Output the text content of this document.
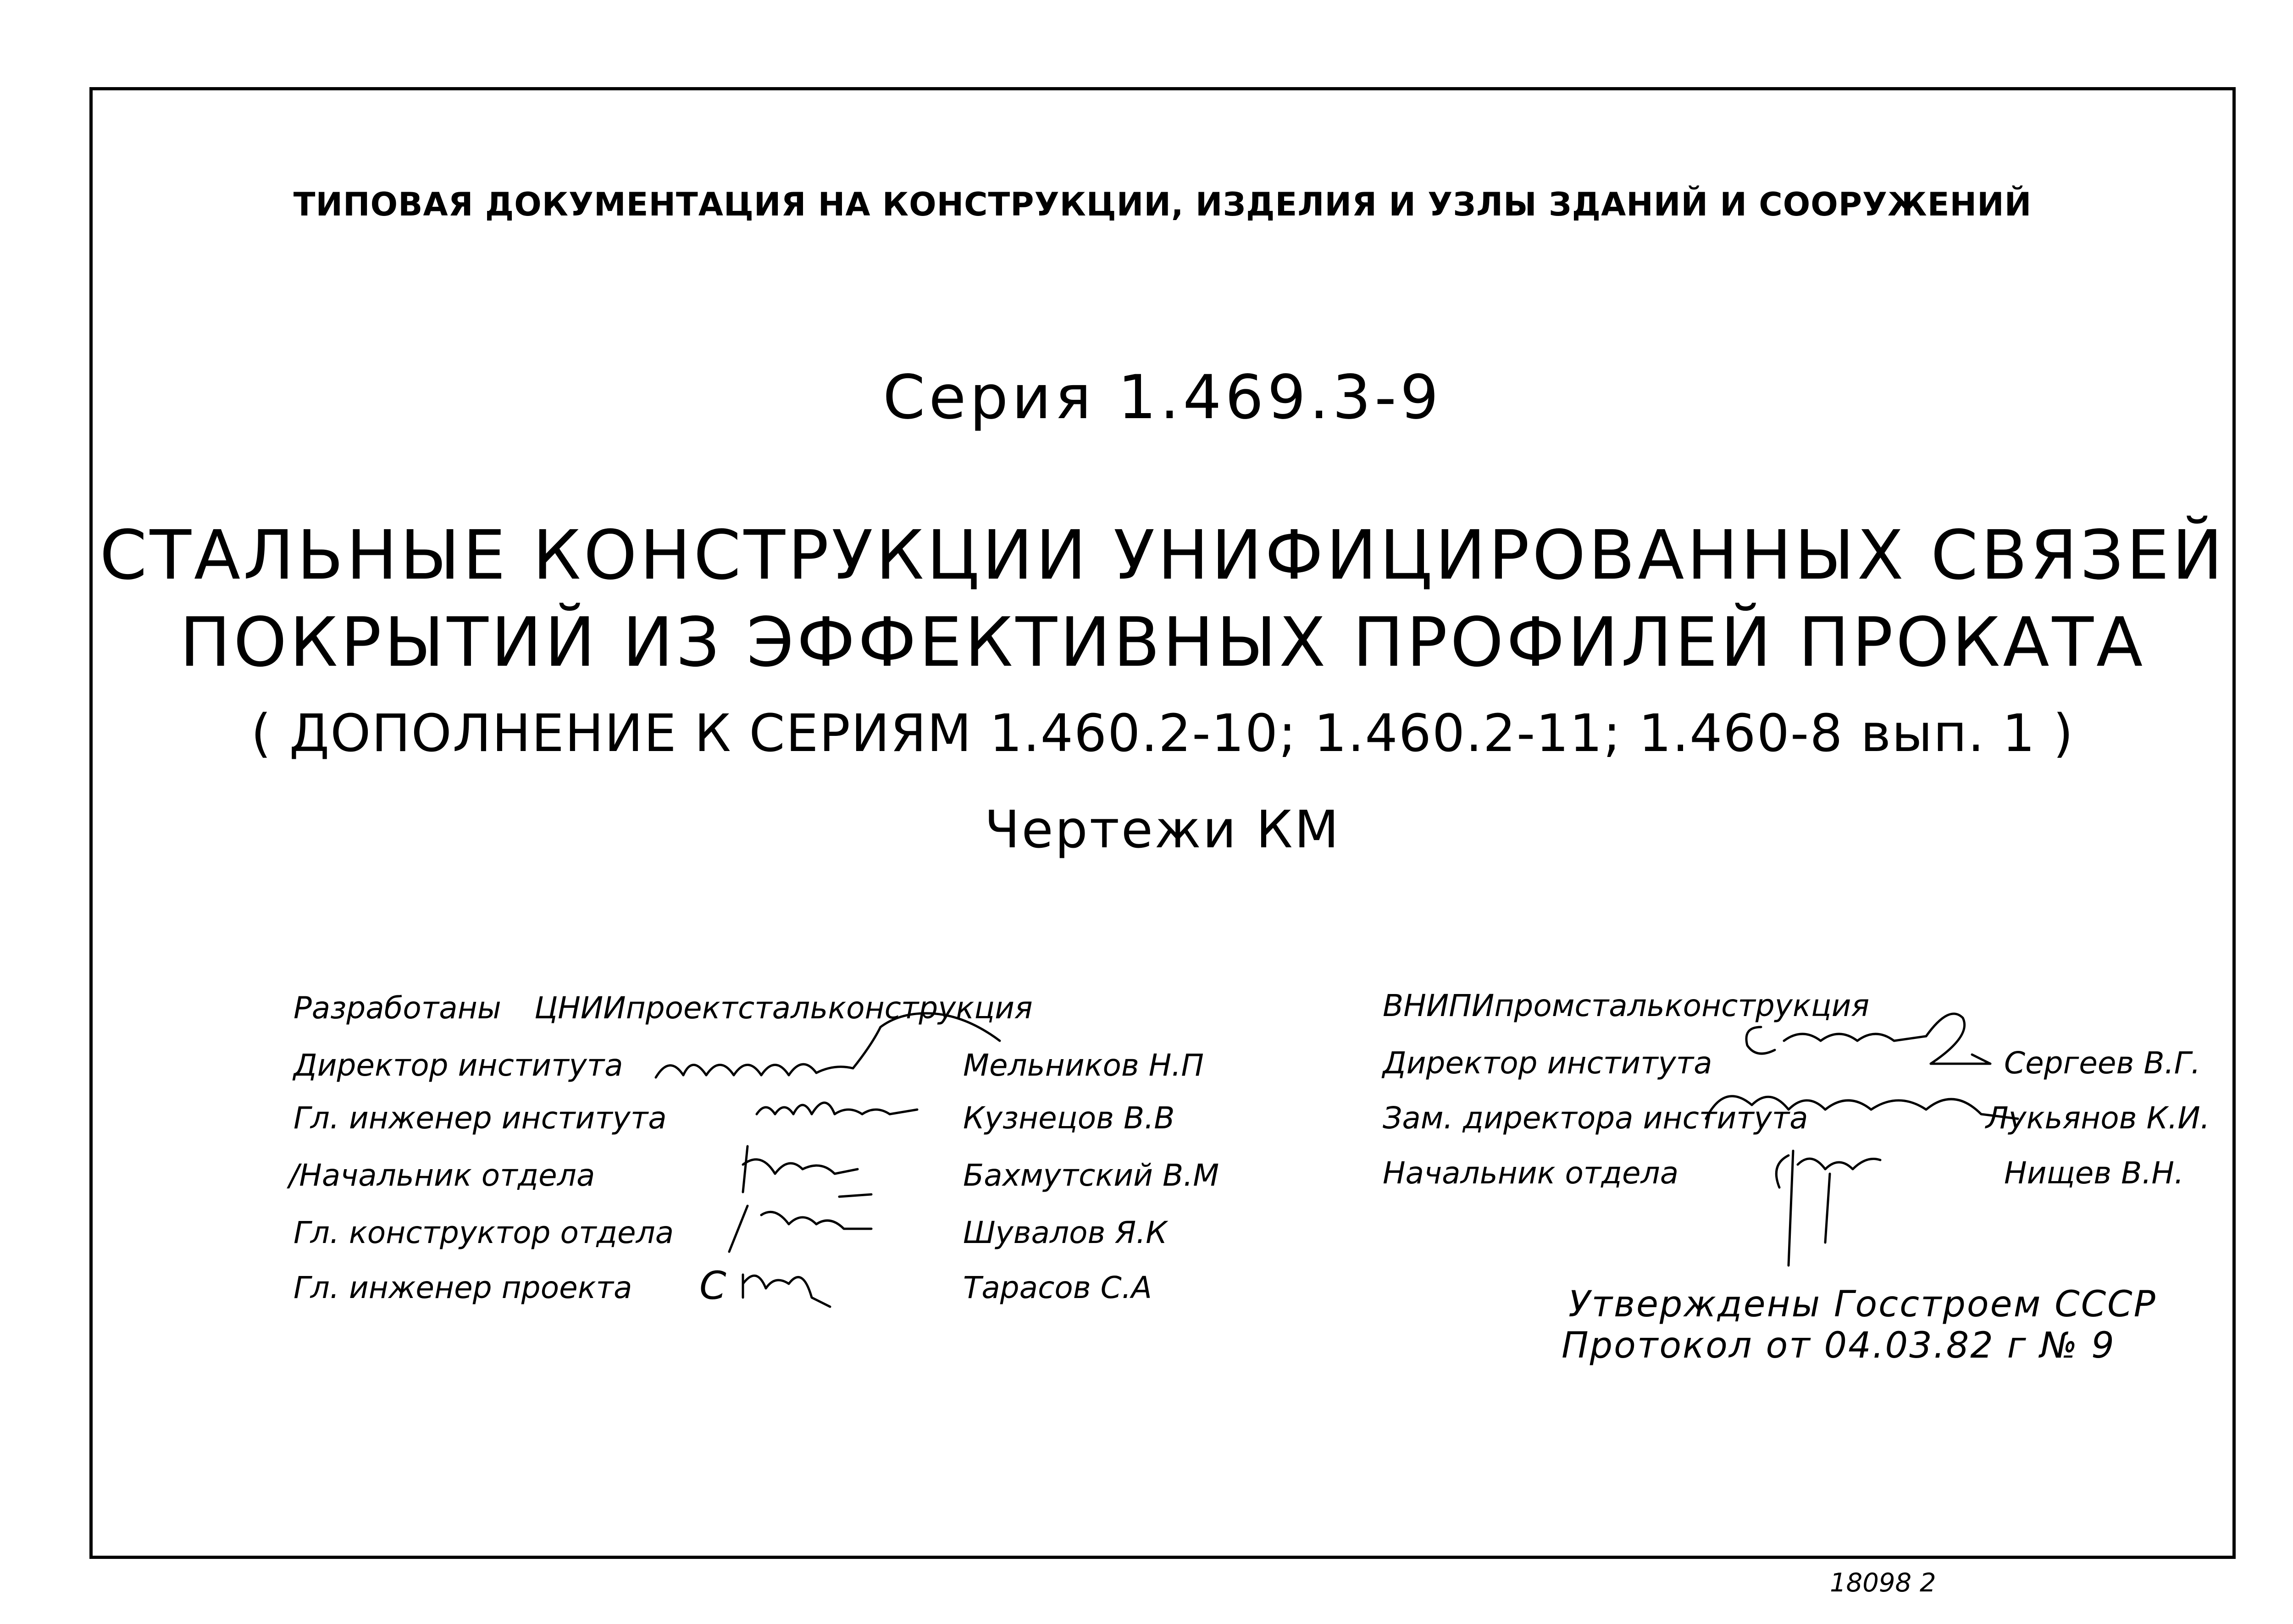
ТИПОВАЯ ДОКУМЕНТАЦИЯ НА КОНСТРУКЦИИ, ИЗДЕЛИЯ И УЗЛЫ ЗДАНИЙ И СООРУЖЕНИЙ
Серия 1.469.3-9
СТАЛЬНЫЕ КОНСТРУКЦИИ УНИФИЦИРОВАННЫХ СВЯЗЕЙ
ПОКРЫТИЙ ИЗ ЭФФЕКТИВНЫХ ПРОФИЛЕЙ ПРОКАТА
( ДОПОЛНЕНИЕ К СЕРИЯМ 1.460.2-10; 1.460.2-11; 1.460-8 вып. 1 )
Чертежи КМ
Разработаны ЦНИИпроектстальконструкция
Директор института	Мельников Н.П
Гл. инженер института	Кузнецов В.В
/Начальник отдела	Бахмутский В.М
Гл. конструктор отдела	Шувалов Я.К
Гл. инженер проекта	Тарасов С.А
С
ВНИПИпромстальконструкция
Директор института	Сергеев В.Г.
Зам. директора института	Лукьянов К.И.
Начальник отдела	Нищев В.Н.
Утверждены Госстроем СССР
Протокол от 04.03.82 г № 9
18098 2
